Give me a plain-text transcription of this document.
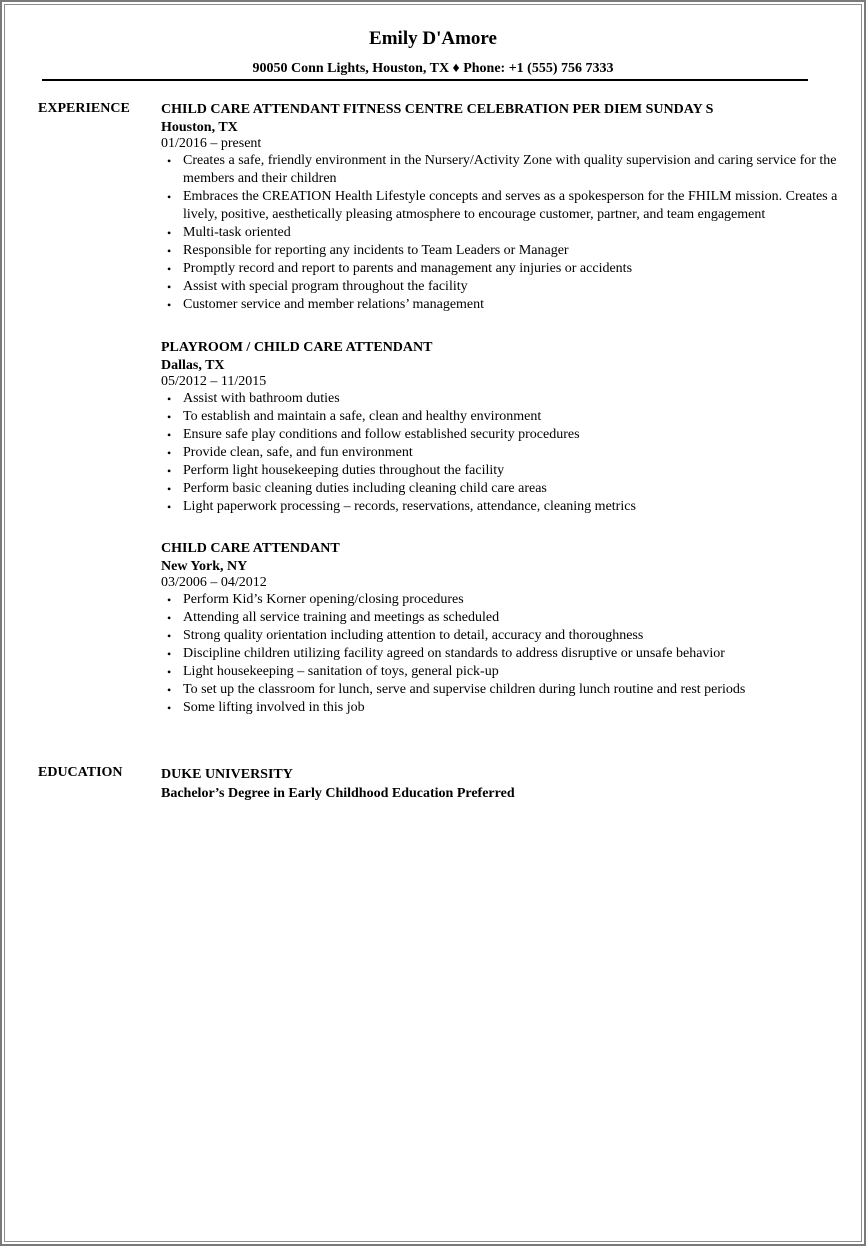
Emily D'Amore
90050 Conn Lights, Houston, TX ♦ Phone: +1 (555) 756 7333
EXPERIENCE CHILD CARE ATTENDANT FITNESS CENTRE CELEBRATION PER DIEM SUNDAY S
Houston, TX
01/2016 – present
• Creates a safe, friendly environment in the Nursery/Activity Zone with quality supervision and caring service for the members and their children
• Embraces the CREATION Health Lifestyle concepts and serves as a spokesperson for the FHILM mission. Creates a lively, positive, aesthetically pleasing atmosphere to encourage customer, partner, and team engagement
• Multi-task oriented
• Responsible for reporting any incidents to Team Leaders or Manager
• Promptly record and report to parents and management any injuries or accidents
• Assist with special program throughout the facility
• Customer service and member relations’ management
PLAYROOM / CHILD CARE ATTENDANT
Dallas, TX
05/2012 – 11/2015
• Assist with bathroom duties
• To establish and maintain a safe, clean and healthy environment
• Ensure safe play conditions and follow established security procedures
• Provide clean, safe, and fun environment
• Perform light housekeeping duties throughout the facility
• Perform basic cleaning duties including cleaning child care areas
• Light paperwork processing – records, reservations, attendance, cleaning metrics
CHILD CARE ATTENDANT
New York, NY
03/2006 – 04/2012
• Perform Kid’s Korner opening/closing procedures
• Attending all service training and meetings as scheduled
• Strong quality orientation including attention to detail, accuracy and thoroughness
• Discipline children utilizing facility agreed on standards to address disruptive or unsafe behavior
• Light housekeeping – sanitation of toys, general pick-up
• To set up the classroom for lunch, serve and supervise children during lunch routine and rest periods
• Some lifting involved in this job
EDUCATION	DUKE UNIVERSITY
Bachelor’s Degree in Early Childhood Education Preferred
